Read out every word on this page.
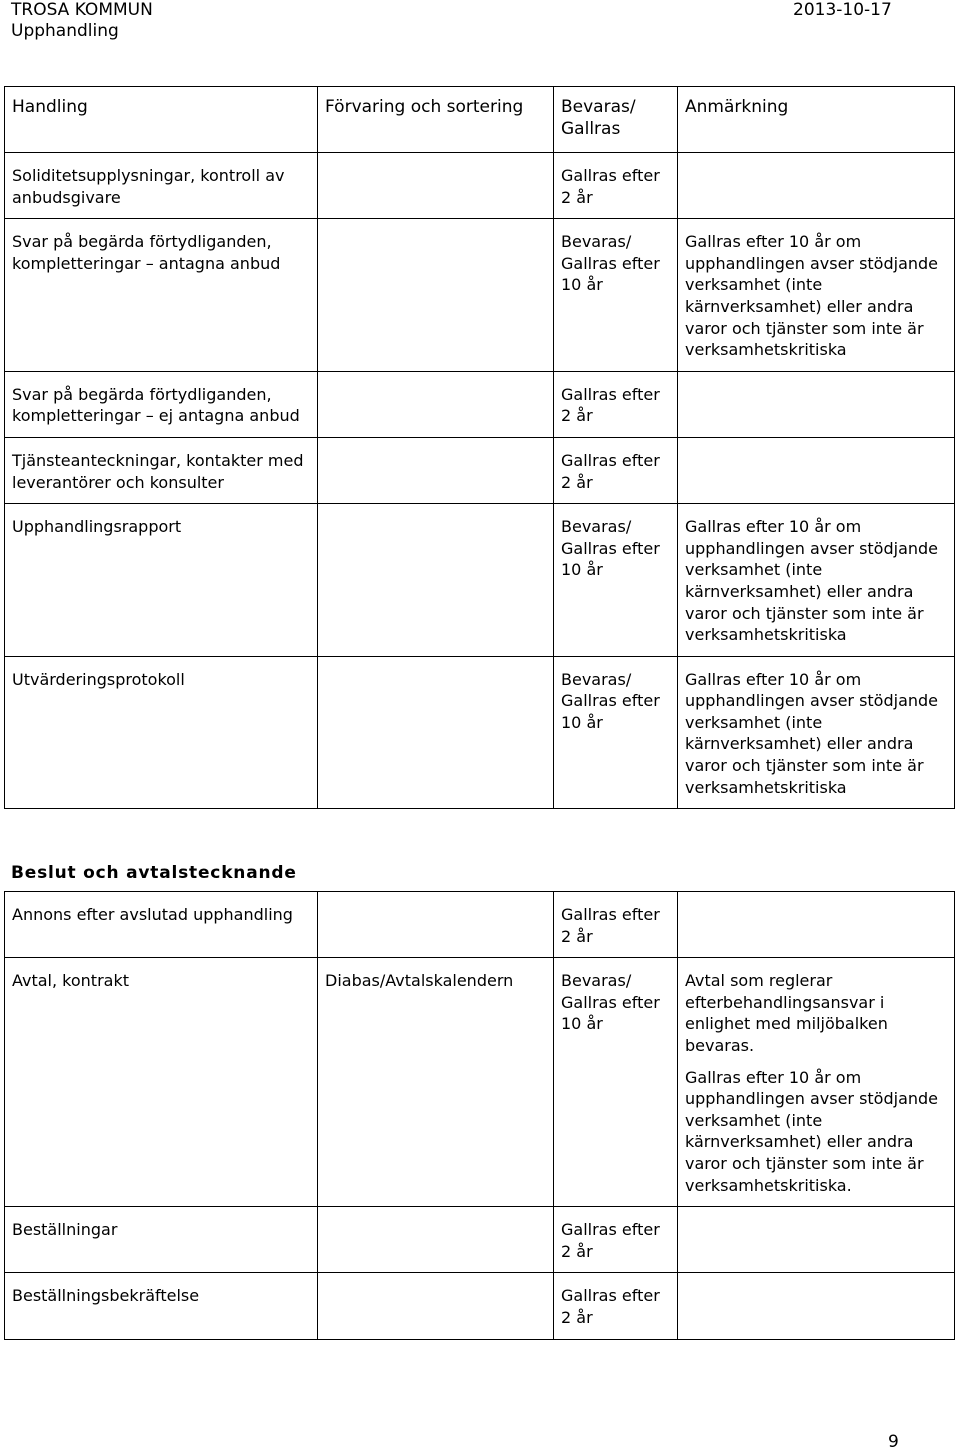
TROSA KOMMUN
Upphandling
2013-10-17
Handling	Förvaring och sortering	Bevaras/ Gallras	Anmärkning
Soliditetsupplysningar, kontroll av anbudsgivare		Gallras efter 2 år	
Svar på begärda förtydliganden, kompletteringar – antagna anbud		Bevaras/ Gallras efter 10 år	Gallras efter 10 år om upphandlingen avser stödjande verksamhet (inte kärnverksamhet) eller andra varor och tjänster som inte är verksamhetskritiska
Svar på begärda förtydliganden, kompletteringar – ej antagna anbud		Gallras efter 2 år	
Tjänsteanteckningar, kontakter med leverantörer och konsulter		Gallras efter 2 år	
Upphandlingsrapport		Bevaras/ Gallras efter 10 år	Gallras efter 10 år om upphandlingen avser stödjande verksamhet (inte kärnverksamhet) eller andra varor och tjänster som inte är verksamhetskritiska
Utvärderingsprotokoll		Bevaras/ Gallras efter 10 år	Gallras efter 10 år om upphandlingen avser stödjande verksamhet (inte kärnverksamhet) eller andra varor och tjänster som inte är verksamhetskritiska
Beslut och avtalstecknande
Annons efter avslutad upphandling		Gallras efter 2 år	

Avtal, kontrakt	Diabas/Avtalskalendern	Bevaras/ Gallras efter 10 år	Avtal som reglerar efterbehandlingsansvar i enlighet med miljöbalken bevaras.
Gallras efter 10 år om upphandlingen avser stödjande verksamhet (inte kärnverksamhet) eller andra varor och tjänster som inte är verksamhetskritiska.

Beställningar		Gallras efter 2 år	

Beställningsbekräftelse		Gallras efter 2 år	
9
